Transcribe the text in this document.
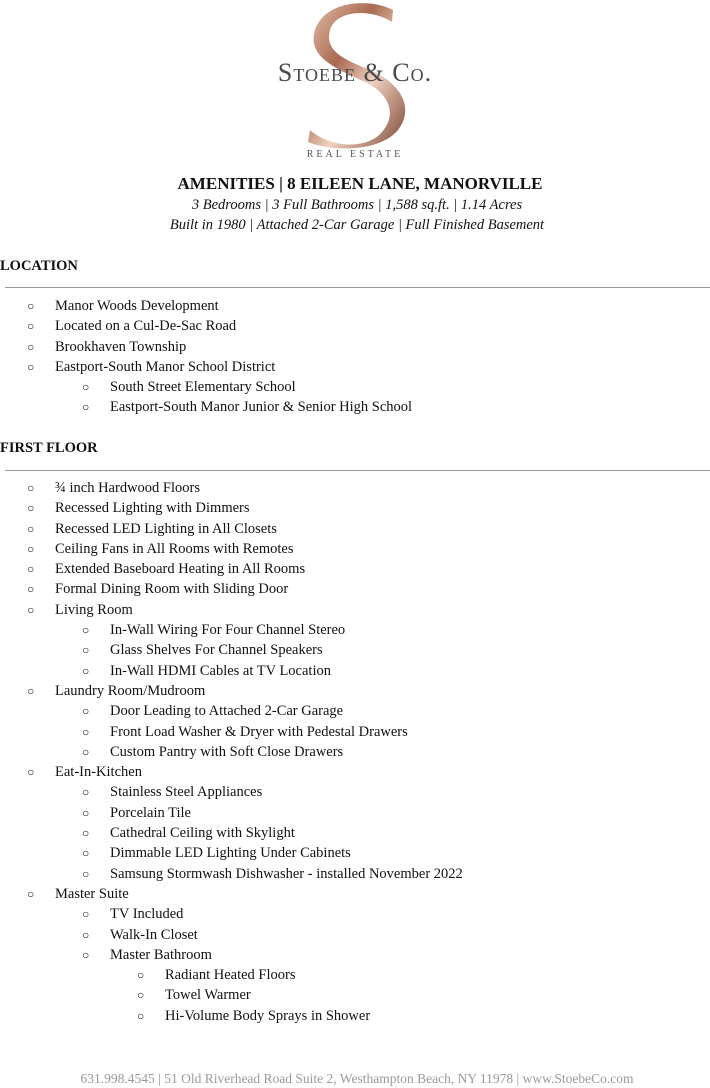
Stoebe & Co.
REAL ESTATE
AMENITIES | 8 EILEEN LANE, MANORVILLE
3 Bedrooms | 3 Full Bathrooms | 1,588 sq.ft. | 1.14 Acres
Built in 1980 | Attached 2-Car Garage | Full Finished Basement
LOCATION
○ Manor Woods Development
○ Located on a Cul-De-Sac Road
○ Brookhaven Township
○ Eastport-South Manor School District
○ South Street Elementary School
○ Eastport-South Manor Junior & Senior High School
FIRST FLOOR
○ ¾ inch Hardwood Floors
○ Recessed Lighting with Dimmers
○ Recessed LED Lighting in All Closets
○ Ceiling Fans in All Rooms with Remotes
○ Extended Baseboard Heating in All Rooms
○ Formal Dining Room with Sliding Door
○ Living Room
○ In-Wall Wiring For Four Channel Stereo
○ Glass Shelves For Channel Speakers
○ In-Wall HDMI Cables at TV Location
○ Laundry Room/Mudroom
○ Door Leading to Attached 2-Car Garage
○ Front Load Washer & Dryer with Pedestal Drawers
○ Custom Pantry with Soft Close Drawers
○ Eat-In-Kitchen
○ Stainless Steel Appliances
○ Porcelain Tile
○ Cathedral Ceiling with Skylight
○ Dimmable LED Lighting Under Cabinets
○ Samsung Stormwash Dishwasher - installed November 2022
○ Master Suite
○ TV Included
○ Walk-In Closet
○ Master Bathroom
○ Radiant Heated Floors
○ Towel Warmer
○ Hi-Volume Body Sprays in Shower
631.998.4545 | 51 Old Riverhead Road Suite 2, Westhampton Beach, NY 11978 | www.StoebeCo.com
